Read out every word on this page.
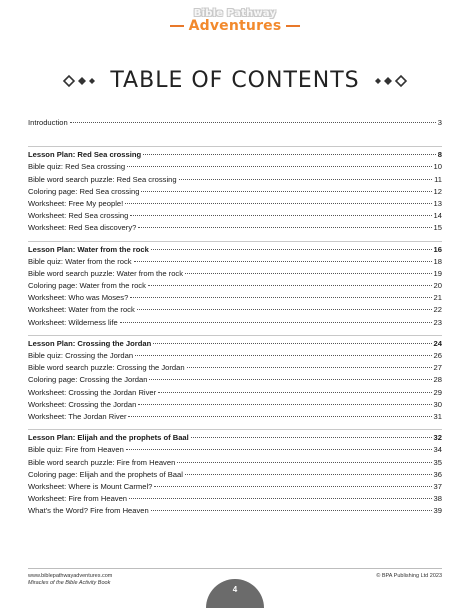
Bible Pathway
Adventures
TABLE OF CONTENTS
Introduction	3
Lesson Plan: Red Sea crossing	8
Bible quiz: Red Sea crossing	10
Bible word search puzzle: Red Sea crossing	11
Coloring page: Red Sea crossing	12
Worksheet: Free My people!	13
Worksheet: Red Sea crossing	14
Worksheet: Red Sea discovery?	15
Lesson Plan: Water from the rock	16
Bible quiz: Water from the rock	18
Bible word search puzzle: Water from the rock	19
Coloring page: Water from the rock	20
Worksheet: Who was Moses?	21
Worksheet: Water from the rock	22
Worksheet: Wilderness life	23
Lesson Plan: Crossing the Jordan	24
Bible quiz: Crossing the Jordan	26
Bible word search puzzle: Crossing the Jordan	27
Coloring page: Crossing the Jordan	28
Worksheet: Crossing the Jordan River	29
Worksheet: Crossing the Jordan	30
Worksheet: The Jordan River	31
Lesson Plan: Elijah and the prophets of Baal	32
Bible quiz: Fire from Heaven	34
Bible word search puzzle: Fire from Heaven	35
Coloring page: Elijah and the prophets of Baal	36
Worksheet: Where is Mount Carmel?	37
Worksheet: Fire from Heaven	38
What's the Word? Fire from Heaven	39
www.biblepathwayadventures.com
Miracles of the Bible Activity Book
© BPA Publishing Ltd 2023
4
